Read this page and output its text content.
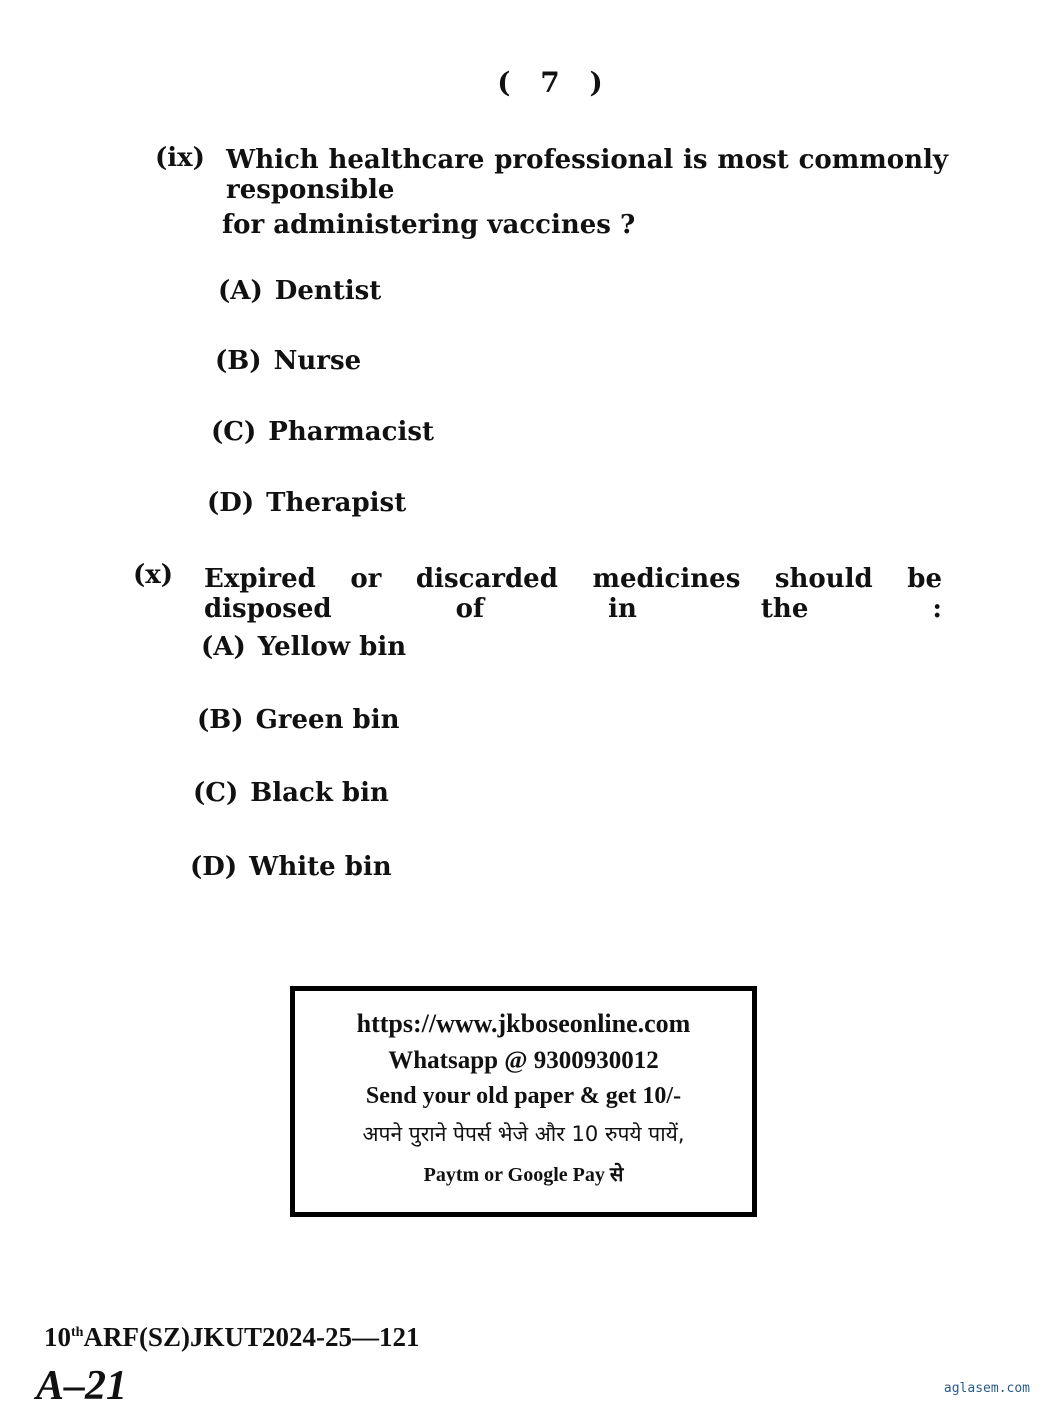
( 7 )
(ix) Which healthcare professional is most commonly responsible
for administering vaccines ?
(A) Dentist
(B) Nurse
(C) Pharmacist
(D) Therapist
(x) Expired or discarded medicines should be disposed of in the :
(A) Yellow bin
(B) Green bin
(C) Black bin
(D) White bin
https://www.jkboseonline.com
Whatsapp @ 9300930012
Send your old paper & get 10/-
अपने पुराने पेपर्स भेजे और 10 रुपये पायें,
Paytm or Google Pay से
10thARF(SZ)JKUT2024-25—121
A–21	aglasem.com
